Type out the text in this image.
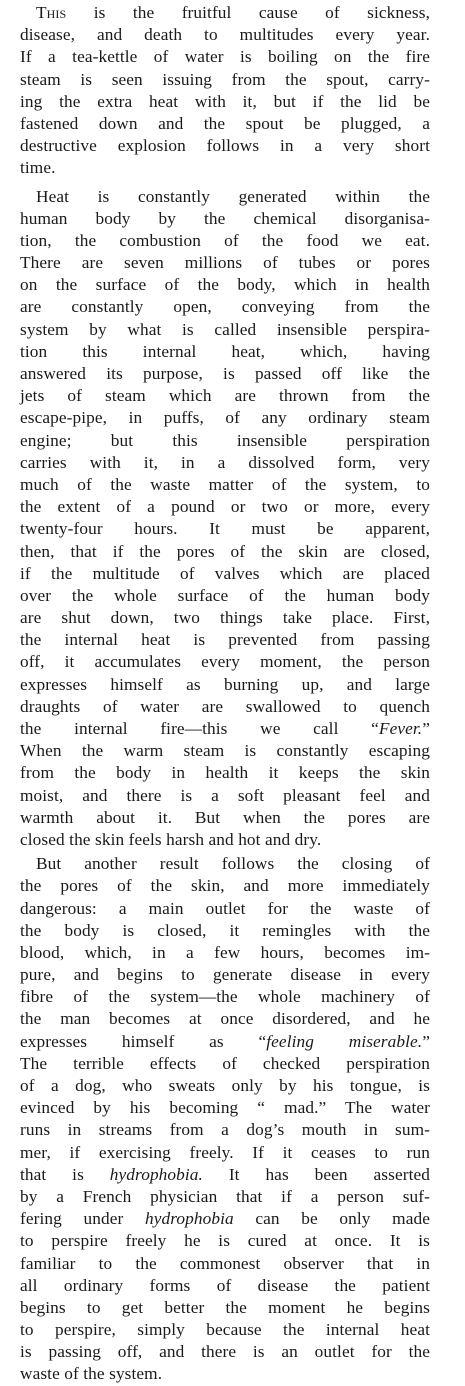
This is the fruitful cause of sickness,
disease, and death to multitudes every year.
If a tea-kettle of water is boiling on the fire
steam is seen issuing from the spout, carry-
ing the extra heat with it, but if the lid be
fastened down and the spout be plugged, a
destructive explosion follows in a very short
time.
Heat is constantly generated within the
human body by the chemical disorganisa-
tion, the combustion of the food we eat.
There are seven millions of tubes or pores
on the surface of the body, which in health
are constantly open, conveying from the
system by what is called insensible perspira-
tion this internal heat, which, having
answered its purpose, is passed off like the
jets of steam which are thrown from the
escape-pipe, in puffs, of any ordinary steam
engine; but this insensible perspiration
carries with it, in a dissolved form, very
much of the waste matter of the system, to
the extent of a pound or two or more, every
twenty-four hours. It must be apparent,
then, that if the pores of the skin are closed,
if the multitude of valves which are placed
over the whole surface of the human body
are shut down, two things take place. First,
the internal heat is prevented from passing
off, it accumulates every moment, the person
expresses himself as burning up, and large
draughts of water are swallowed to quench
the internal fire—this we call “Fever.”
When the warm steam is constantly escaping
from the body in health it keeps the skin
moist, and there is a soft pleasant feel and
warmth about it. But when the pores are
closed the skin feels harsh and hot and dry.
But another result follows the closing of
the pores of the skin, and more immediately
dangerous: a main outlet for the waste of
the body is closed, it remingles with the
blood, which, in a few hours, becomes im-
pure, and begins to generate disease in every
fibre of the system—the whole machinery of
the man becomes at once disordered, and he
expresses himself as “feeling miserable.”
The terrible effects of checked perspiration
of a dog, who sweats only by his tongue, is
evinced by his becoming “ mad.” The water
runs in streams from a dog’s mouth in sum-
mer, if exercising freely. If it ceases to run
that is hydrophobia. It has been asserted
by a French physician that if a person suf-
fering under hydrophobia can be only made
to perspire freely he is cured at once. It is
familiar to the commonest observer that in
all ordinary forms of disease the patient
begins to get better the moment he begins
to perspire, simply because the internal heat
is passing off, and there is an outlet for the
waste of the system.
